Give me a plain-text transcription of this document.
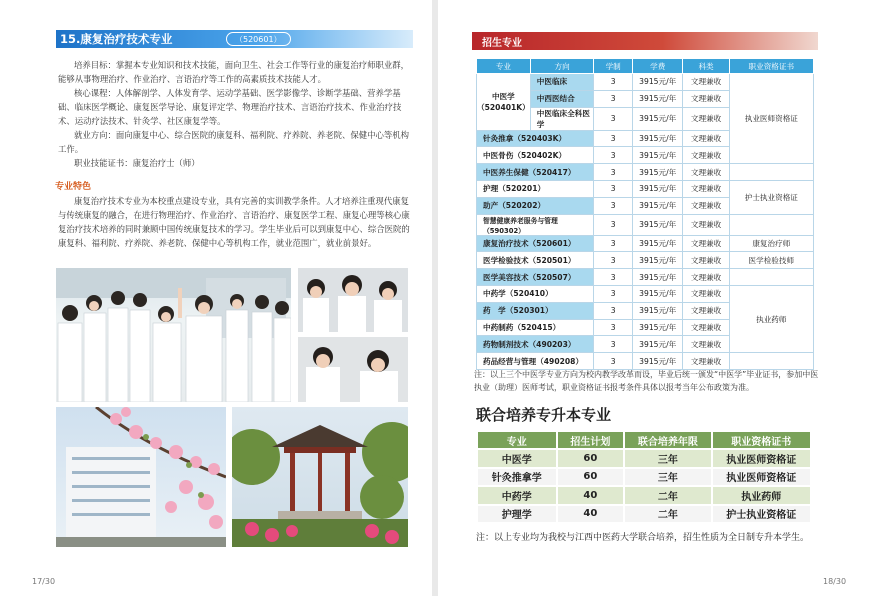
15.康复治疗技术专业	（520601）

培养目标：掌握本专业知识和技术技能，面向卫生、社会工作等行业的康复治疗师职业群，能够从事物理治疗、作业治疗、言语治疗等工作的高素质技术技能人才。

核心课程：人体解剖学、人体发育学、运动学基础、医学影像学、诊断学基础、营养学基础、临床医学概论、康复医学导论、康复评定学、物理治疗技术、言语治疗技术、作业治疗技术、运动疗法技术、针灸学、社区康复学等。

就业方向：面向康复中心、综合医院的康复科、福利院、疗养院、养老院、保健中心等机构工作。

职业技能证书：康复治疗士（师）

专业特色

康复治疗技术专业为本校重点建设专业，具有完善的实训教学条件。人才培养注重现代康复与传统康复的融合，在进行物理治疗、作业治疗、言语治疗、康复医学工程、康复心理等核心康复治疗技术培养的同时兼顾中国传统康复技术的学习。学生毕业后可以到康复中心、综合医院的康复科、福利院、疗养院、养老院、保健中心等机构工作，就业范围广，就业前景好。

17/30
招生专业
专业	方向	学制	学费	科类	职业资格证书
中医学（520401K）	中医临床	3	3915元/年	文理兼收	执业医师资格证
	中西医结合	3	3915元/年	文理兼收	
	中医临床全科医学	3	3915元/年	文理兼收	
针灸推拿（520403K）		3	3915元/年	文理兼收	
中医骨伤（520402K）		3	3915元/年	文理兼收	
中医养生保健（520417）		3	3915元/年	文理兼收	
护理（520201）		3	3915元/年	文理兼收	护士执业资格证
助产（520202）		3	3915元/年	文理兼收	
智慧健康养老服务与管理（590302）		3	3915元/年	文理兼收	
康复治疗技术（520601）		3	3915元/年	文理兼收	康复治疗师
医学检验技术（520501）		3	3915元/年	文理兼收	医学检验技师
医学美容技术（520507）		3	3915元/年	文理兼收	
中药学（520410）		3	3915元/年	文理兼收	执业药师
药　学（520301）		3	3915元/年	文理兼收	
中药制药（520415）		3	3915元/年	文理兼收	
药物制剂技术（490203）		3	3915元/年	文理兼收	
药品经营与管理（490208）		3	3915元/年	文理兼收	

注：以上三个中医学专业方向为校内教学改革而设，毕业后统一颁发“中医学”毕业证书，参加中医执业（助理）医师考试，职业资格证书报考条件具体以报考当年公布政策为准。

联合培养专升本专业
专业	招生计划	联合培养年限	职业资格证书
中医学	60	三年	执业医师资格证
针灸推拿学	60	三年	执业医师资格证
中药学	40	二年	执业药师
护理学	40	二年	护士执业资格证

注：以上专业均为我校与江西中医药大学联合培养，招生性质为全日制专升本学生。

18/30
